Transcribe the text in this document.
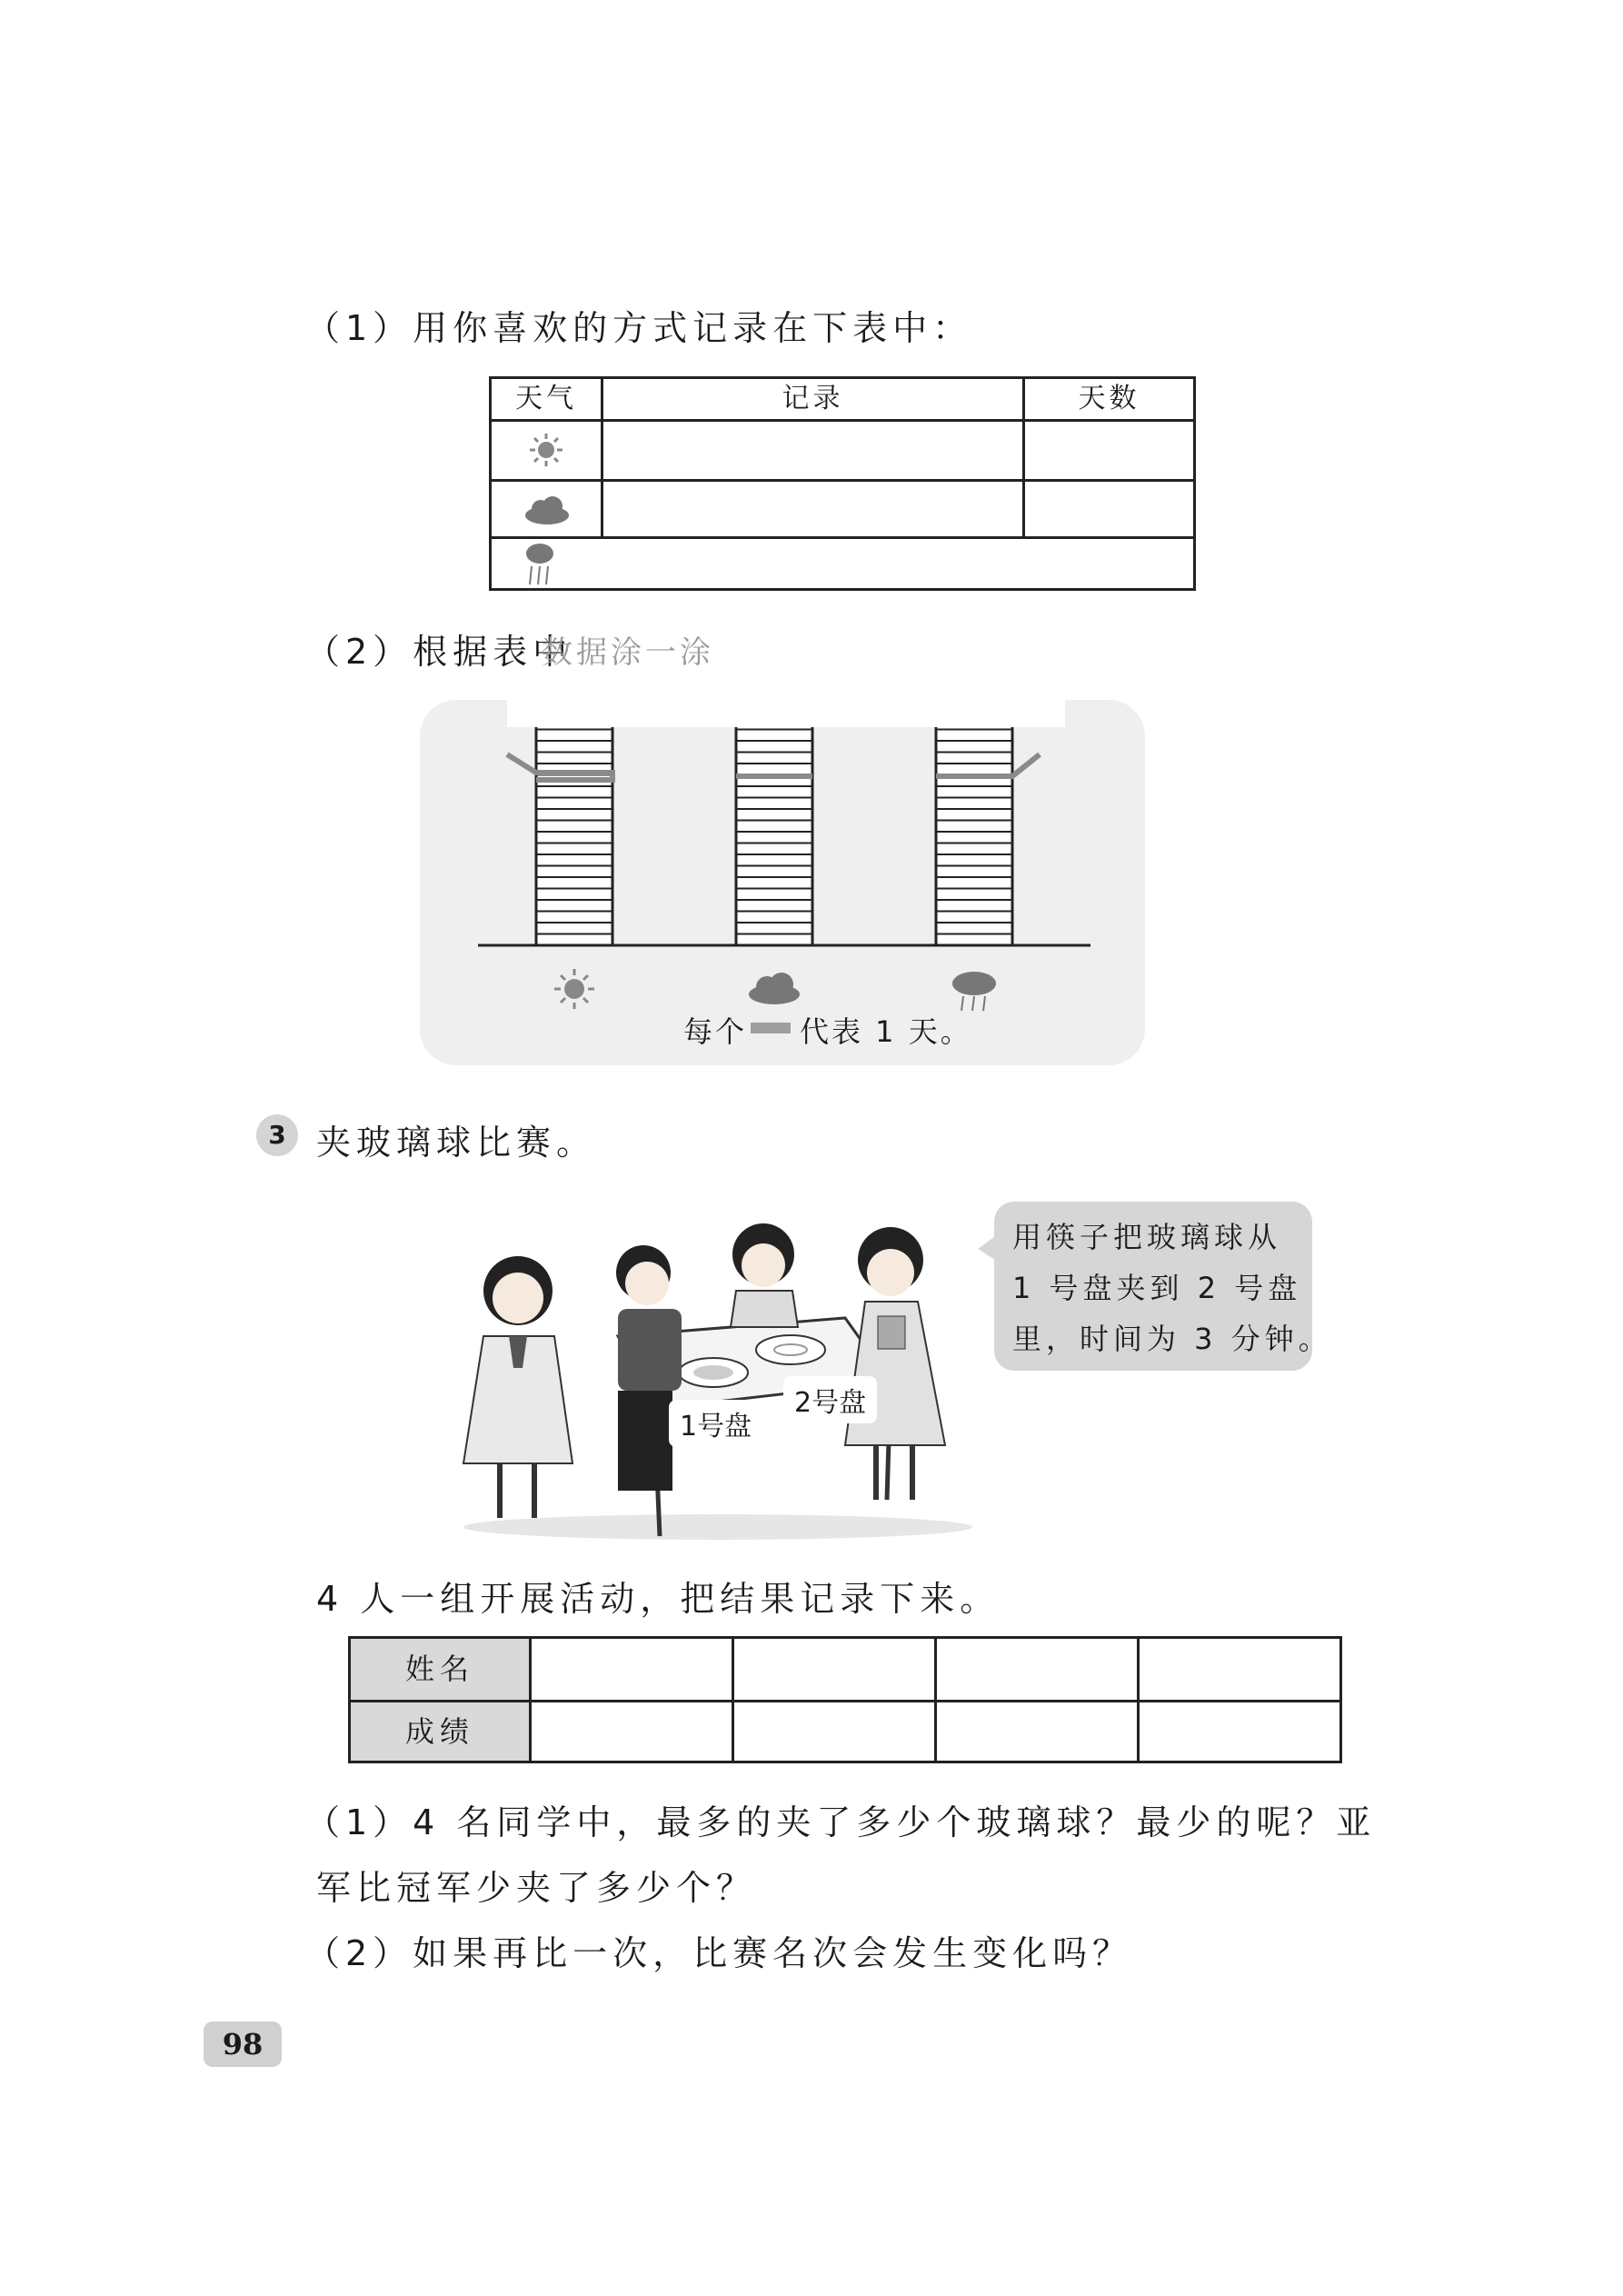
（1）用你喜欢的方式记录在下表中：
天气	记录	天数
（2）根据表中
数据涂一涂
每个 代表 1 天。
3 夹玻璃球比赛。
1号盘
2号盘
用筷子把玻璃球从
1 号盘夹到 2 号盘
里，时间为 3 分钟。
4 人一组开展活动，把结果记录下来。
姓名
成绩
（1）4 名同学中，最多的夹了多少个玻璃球？最少的呢？亚
军比冠军少夹了多少个？
（2）如果再比一次，比赛名次会发生变化吗？
98
